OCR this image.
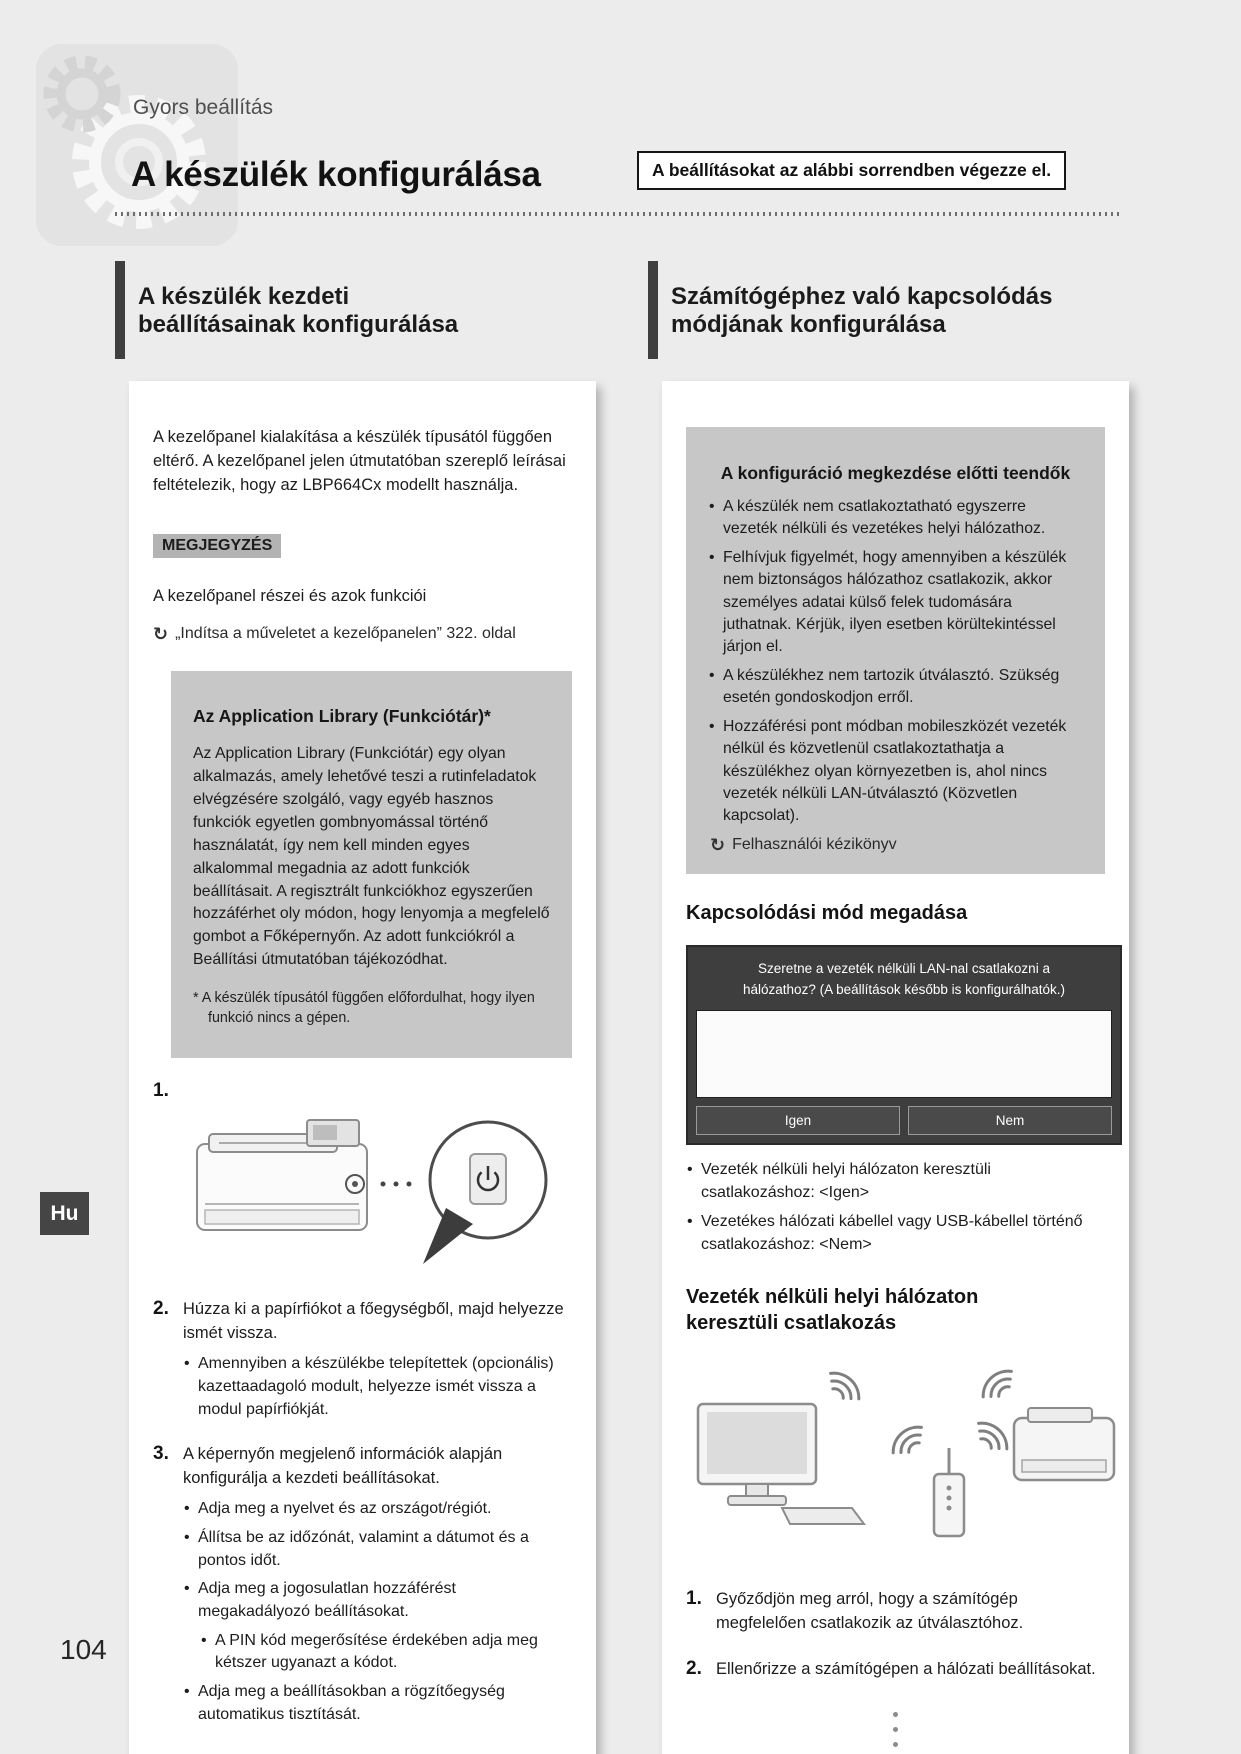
Gyors beállítás
A készülék konfigurálása	A beállításokat az alábbi sorrendben végezze el.
A készülék kezdeti
beállításainak konfigurálása

A kezelőpanel kialakítása a készülék típusától függően eltérő. A kezelőpanel jelen útmutatóban szereplő leírásai feltételezik, hogy az LBP664Cx modellt használja.

MEGJEGYZÉS

A kezelőpanel részei és azok funkciói

↻ „Indítsa a műveletet a kezelőpanelen” 322. oldal
Az Application Library (Funkciótár)*

Az Application Library (Funkciótár) egy olyan alkalmazás, amely lehetővé teszi a rutinfeladatok elvégzésére szolgáló, vagy egyéb hasznos funkciók egyetlen gombnyomással történő használatát, így nem kell minden egyes alkalommal megadnia az adott funkciók beállításait. A regisztrált funkciókhoz egyszerűen hozzáférhet oly módon, hogy lenyomja a megfelelő gombot a Főképernyőn. Az adott funkciókról a Beállítási útmutatóban tájékozódhat.

* A készülék típusától függően előfordulhat, hogy ilyen funkció nincs a gépen.

1.
2. Húzza ki a papírfiókot a főegységből, majd helyezze ismét vissza.
• Amennyiben a készülékbe telepítettek (opcionális) kazettaadagoló modult, helyezze ismét vissza a modul papírfiókját.
3. A képernyőn megjelenő információk alapján konfigurálja a kezdeti beállításokat.
• Adja meg a nyelvet és az országot/régiót.
• Állítsa be az időzónát, valamint a dátumot és a pontos időt.
• Adja meg a jogosulatlan hozzáférést megakadályozó beállításokat.
• A PIN kód megerősítése érdekében adja meg kétszer ugyanazt a kódot.
• Adja meg a beállításokban a rögzítőegység automatikus tisztítását.
Számítógéphez való kapcsolódás
módjának konfigurálása
A konfiguráció megkezdése előtti teendők
• A készülék nem csatlakoztatható egyszerre vezeték nélküli és vezetékes helyi hálózathoz.
• Felhívjuk figyelmét, hogy amennyiben a készülék nem biztonságos hálózathoz csatlakozik, akkor személyes adatai külső felek tudomására juthatnak. Kérjük, ilyen esetben körültekintéssel járjon el.
• A készülékhez nem tartozik útválasztó. Szükség esetén gondoskodjon erről.
• Hozzáférési pont módban mobileszközét vezeték nélkül és közvetlenül csatlakoztathatja a készülékhez olyan környezetben is, ahol nincs vezeték nélküli LAN-útválasztó (Közvetlen kapcsolat).
↻ Felhasználói kézikönyv
Kapcsolódási mód megadása
Szeretne a vezeték nélküli LAN-nal csatlakozni a
hálózathoz? (A beállítások később is konfigurálhatók.)
Igen	Nem
• Vezeték nélküli helyi hálózaton keresztüli csatlakozáshoz: <Igen>
• Vezetékes hálózati kábellel vagy USB-kábellel történő csatlakozáshoz: <Nem>
Vezeték nélküli helyi hálózaton
keresztüli csatlakozás
1. Győződjön meg arról, hogy a számítógép megfelelően csatlakozik az útválasztóhoz.
2. Ellenőrizze a számítógépen a hálózati beállításokat.
Hu
104
